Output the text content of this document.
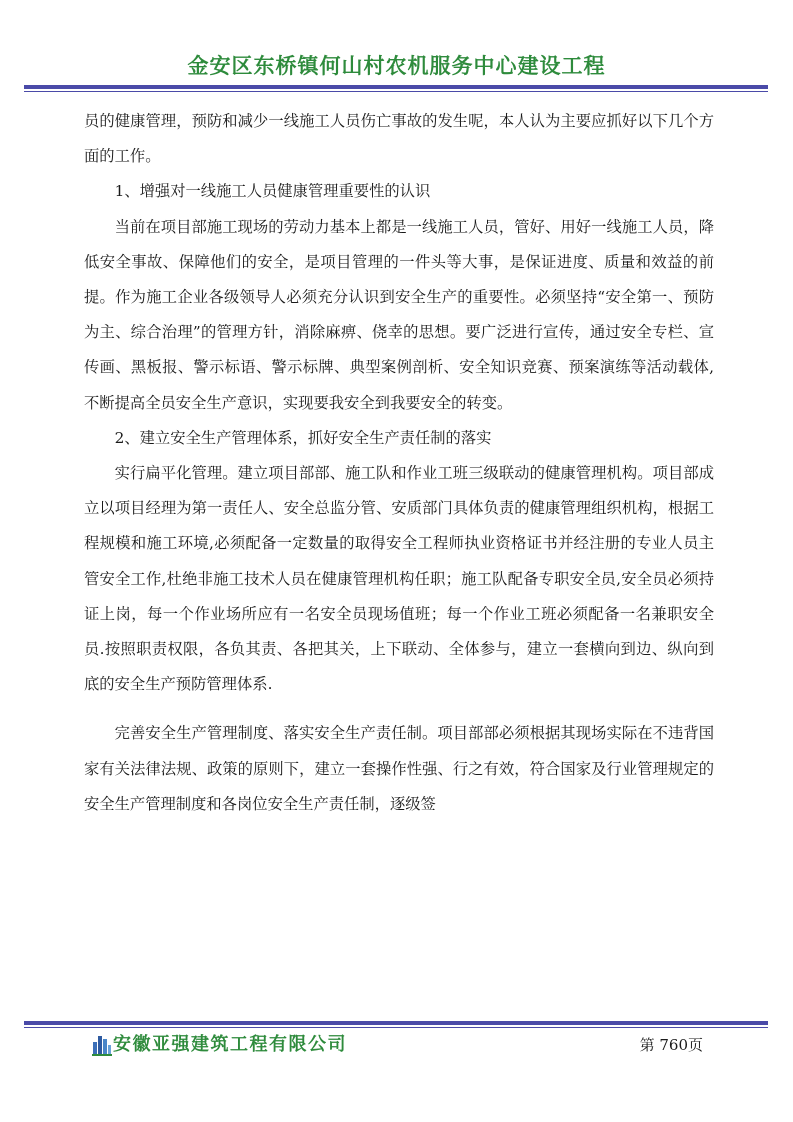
金安区东桥镇何山村农机服务中心建设工程

员的健康管理，预防和减少一线施工人员伤亡事故的发生呢，本人认为主要应抓好以下几个方面的工作。

1、增强对一线施工人员健康管理重要性的认识

当前在项目部施工现场的劳动力基本上都是一线施工人员，管好、用好一线施工人员，降低安全事故、保障他们的安全，是项目管理的一件头等大事，是保证进度、质量和效益的前提。作为施工企业各级领导人必须充分认识到安全生产的重要性。必须坚持“安全第一、预防为主、综合治理”的管理方针，消除麻痹、侥幸的思想。要广泛进行宣传，通过安全专栏、宣传画、黑板报、警示标语、警示标牌、典型案例剖析、安全知识竞赛、预案演练等活动载体,不断提高全员安全生产意识，实现要我安全到我要安全的转变。

2、建立安全生产管理体系，抓好安全生产责任制的落实

实行扁平化管理。建立项目部部、施工队和作业工班三级联动的健康管理机构。项目部成立以项目经理为第一责任人、安全总监分管、安质部门具体负责的健康管理组织机构，根据工程规模和施工环境,必须配备一定数量的取得安全工程师执业资格证书并经注册的专业人员主管安全工作,杜绝非施工技术人员在健康管理机构任职；施工队配备专职安全员,安全员必须持证上岗，每一个作业场所应有一名安全员现场值班；每一个作业工班必须配备一名兼职安全员.按照职责权限，各负其责、各把其关，上下联动、全体参与，建立一套横向到边、纵向到底的安全生产预防管理体系.

完善安全生产管理制度、落实安全生产责任制。项目部部必须根据其现场实际在不违背国家有关法律法规、政策的原则下，建立一套操作性强、行之有效，符合国家及行业管理规定的安全生产管理制度和各岗位安全生产责任制，逐级签

安徽亚强建筑工程有限公司	第 760页
